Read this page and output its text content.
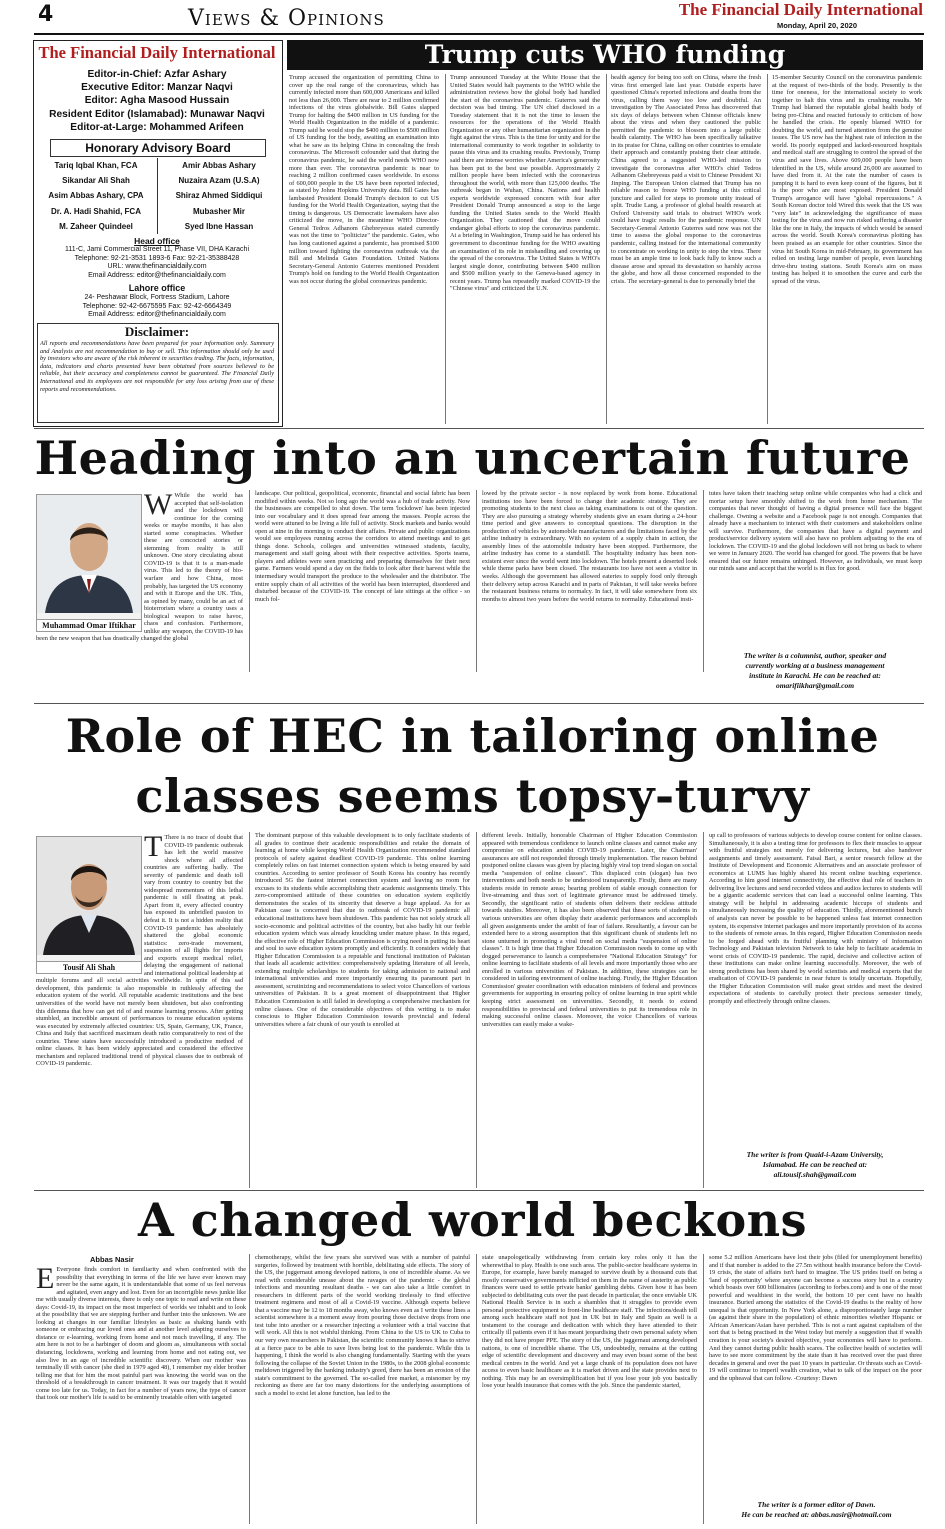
4	Views & Opinions	The Financial Daily International
Monday, April 20, 2020
The Financial Daily International
Editor-in-Chief: Azfar Ashary
Executive Editor: Manzar Naqvi
Editor: Agha Masood Hussain
Resident Editor (Islamabad): Munawar Naqvi
Editor-at-Large: Mohammed Arifeen
Honorary Advisory Board
Tariq Iqbal Khan, FCA
Sikandar Ali Shah
Asim Abbas Ashary, CPA
Dr. A. Hadi Shahid, FCA
M. Zaheer Quindeel
Amir Abbas Ashary
Nuzaira Azam (U.S.A)
Shiraz Ahmed Siddiqui
Mubasher Mir
Syed Ibne Hassan
Head office
111-C, Jami Commercial Street 11, Phase VII, DHA Karachi
Telephone: 92-21-3531 1893-6 Fax: 92-21-35388428
URL: www.thefinancialdaily.com
Email Address: editor@thefinancialdaily.com
Lahore office
24- Peshawar Block, Fortress Stadium, Lahore
Telephone: 92-42-6675595 Fax: 92-42-6664349
Email Address: editor@thefinancialdaily.com
Disclaimer:
All reports and recommendations have been prepared for your information only. Summary and Analysis are not recommendation to buy or sell. This information should only be used by investors who are aware of the risk inherent in securities trading. The facts, information, data, indicators and charts presented have been obtained from sources believed to be reliable, but their accuracy and completeness cannot be guaranteed. The Financial Daily International and its employees are not responsible for any loss arising from use of these reports and recommendations.
Trump cuts WHO funding
Trump accused the organization of permitting China to cover up the real range of the coronavirus, which has currently infected more than 600,000 Americans and killed not less than 26,000. There are near to 2 million confirmed infections of the virus globalwide. Bill Gates slapped Trump for halting the $400 million in US funding for the World Health Organization in the middle of a pandemic. Trump said he would stop the $400 million to $500 million of US funding for the body, awaiting an examination into what he saw as its helping China in concealing the fresh coronavirus. The Microsoft cofounder said that during the coronavirus pandemic, he said the world needs WHO now more than ever. The coronavirus pandemic is near to reaching 2 million confirmed cases worldwide. In excess of 600,000 people in the US have been reported infected, as stated by Johns Hopkins University data. Bill Gates has lambasted President Donald Trump's decision to cut US funding for the World Health Organization, saying that the timing is dangerous. US Democratic lawmakers have also criticized the move, in the meantime WHO Director-General Tedros Adhanom Ghebreyesus stated currently was not the time to "politicize" the pandemic. Gates, who has long cautioned against a pandemic, has promised $100 million toward fighting the coronavirus outbreak via the Bill and Melinda Gates Foundation. United Nations Secretary-General Antonio Guterres mentioned President Trump's hold on funding to the World Health Organization was not occur during the global coronavirus pandemic.
Trump announced Tuesday at the White House that the United States would halt payments to the WHO while the administration reviews how the global body had handled the start of the coronavirus pandemic. Guterres said the decision was bad timing. The UN chief disclosed in a Tuesday statement that it is not the time to lessen the resources for the operations of the World Health Organization or any other humanitarian organization in the fight against the virus. This is the time for unity and for the international community to work together in solidarity to pause this virus and its crushing results. Previously, Trump said there are intense worries whether America's generosity has been put to the best use possible. Approximately 2 million people have been infected with the coronavirus throughout the world, with more than 125,000 deaths. The outbreak began in Wuhan, China. Nations and health experts worldwide expressed concern with fear after President Donald Trump announced a stop to the large funding the United States sends to the World Health Organization. They cautioned that the move could endanger global efforts to stop the coronavirus pandemic. At a briefing in Washington, Trump said he has ordered his government to discontinue funding for the WHO awaiting an examination of its role in mishandling and covering up the spread of the coronavirus. The United States is WHO's largest single donor, contributing between $400 million and $500 million yearly to the Geneva-based agency in recent years. Trump has repeatedly marked COVID-19 the "Chinese virus" and criticized the U.N.
health agency for being too soft on China, where the fresh virus first emerged late last year. Outside experts have questioned China's reported infections and deaths from the virus, calling them way too low and doubtful. An investigation by The Associated Press has discovered that six days of delays between when Chinese officials knew about the virus and when they cautioned the public permitted the pandemic to blossom into a large public health calamity. The WHO has been specifically talkative in its praise for China, calling on other countries to emulate their approach and constantly praising their clear attitude. China agreed to a suggested WHO-led mission to investigate the coronavirus after WHO's chief Tedros Adhanom Ghebreyesus paid a visit to Chinese President Xi Jinping. The European Union claimed that Trump has no reliable reason to freeze WHO funding at this critical juncture and called for steps to promote unity instead of split. Trudie Lang, a professor of global health research at Oxford University said trials to obstruct WHO's work could have tragic results for the pandemic response. UN Secretary-General Antonio Guterres said now was not the time to assess the global response to the coronavirus pandemic, calling instead for the international community to concentrate on working in unity to stop the virus. There must be an ample time to look back fully to know such a disease arose and spread its devastation so harshly across the globe, and how all those concerned responded to the crisis. The secretary-general is due to personally brief the
15-member Security Council on the coronavirus pandemic at the request of two-thirds of the body. Presently is the time for oneness, for the international society to work together to halt this virus and its crushing results. Mr Trump had blamed the reputable global health body of being pro-China and reacted furiously to criticism of how he handled the crisis. He openly blamed WHO for doubting the world, and turned attention from the genuine issues. The US now has the highest rate of infection in the world. Its poorly equipped and lacked-resourced hospitals and medical staff are struggling to control the spread of the virus and save lives. Above 609,000 people have been identified in the US, while around 26,000 are assumed to have died from it. At the rate the number of cases is jumping it is hard to even keep count of the figures, but it is the poor who are most exposed. President Donald Trump's arrogance will have "global repercussions." A South Korean doctor told Wired this week that the US was "very late" in acknowledging the significance of mass testing for the virus and now run risked suffering a disaster like the one in Italy, the impacts of which would be sensed across the world. South Korea's coronavirus plotting has been praised as an example for other countries. Since the virus hit South Korea in mid-February, its government has relied on testing large number of people, even launching drive-thru testing stations. South Korea's aim on mass testing has helped it to smoothen the curve and curb the spread of the virus.
Heading into an uncertain future
Muhammad Omar Iftikhar
W While the world has accepted that self-isolation and the lockdown will continue for the coming weeks or maybe months, it has also started some conspiracies. Whether these are concocted stories or stemming from reality is still unknown. One story circulating about COVID-19 is that it is a man-made virus. This led to the theory of bio-warfare and how China, most probably, has targeted the US economy and with it Europe and the UK. This, as opined by many, could be an act of bioterrorism where a country uses a biological weapon to raise havoc, chaos and confusion. Furthermore, unlike any weapon, the COVID-19 has been the new weapon that has drastically changed the global
landscape. Our political, geopolitical, economic, financial and social fabric has been modified within weeks. Not so long ago the world was a hub of trade activity. Now the businesses are compelled to shut down. The term 'lockdown' has been injected into our vocabulary and it does spread fear among the masses. People across the world were attuned to be living a life full of activity. Stock markets and banks would open at nine in the morning to conduct their affairs. Private and public organizations would see employees running across the corridors to attend meetings and to get things done. Schools, colleges and universities witnessed students, faculty, management and staff going about with their respective activities. Sports teams, players and athletes were seen practicing and preparing themselves for their next game. Farmers would spend a day on the fields to look after their harvest while the intermediary would transport the produce to the wholesaler and the distributor. The entire supply chain of all activities of the world has been interrupted, disordered and disturbed because of the COVID-19. The concept of late sittings at the office - so much fol-
lowed by the private sector - is now replaced by work from home. Educational institutions too have been forced to change their academic strategy. They are promoting students to the next class as taking examinations is out of the question. They are also pursuing a strategy whereby students give an exam during a 24-hour time period and give answers to conceptual questions. The disruption in the production of vehicles by automobile manufacturers and the limitations faced by the airline industry is extraordinary. With no system of a supply chain in action, the assembly lines of the automobile industry have been stopped. Furthermore, the airline industry has come to a standstill. The hospitality industry has been non-existent ever since the world went into lockdown. The hotels present a deserted look while theme parks have been closed. The restaurants too have not seen a visitor in weeks. Although the government has allowed eateries to supply food only through their delivery setup across Karachi and in parts of Pakistan, it will take weeks before the restaurant business returns to normalcy. In fact, it will take somewhere from six months to almost two years before the world returns to normality. Educational insti-
tutes have taken their teaching setup online while companies who had a click and mortar setup have smoothly shifted to the work from home mechanism. The companies that never thought of having a digital presence will face the biggest challenge. Owning a website and a Facebook page is not enough. Companies that already have a mechanism to interact with their customers and stakeholders online will survive. Furthermore, the companies that have a digital payment and product/service delivery system will also have no problem adjusting to the era of lockdown. The COVID-19 and the global lockdown will not bring us back to where we were in January 2020. The world has changed for good. The powers that be have ensured that our future remains unhinged. However, as individuals, we must keep our minds sane and accept that the world is in flux for good.
The writer is a columnist, author, speaker and
currently working at a business management
institute in Karachi. He can be reached at:
omarifiikhar@gmail.com
Role of HEC in tailoring online
classes seems topsy-turvy
Tousif Ali Shah
T There is no trace of doubt that COVID-19 pandemic outbreak has left the world massive shock where all affected countries are suffering badly. The severity of pandemic and death toll vary from country to country but the widespread momentum of this lethal pandemic is still floating at peak. Apart from it, every affected country has exposed its unbridled passion to defeat it. It is not a hidden reality that COVID-19 pandemic has absolutely shattered the global economic statistics: zero-trade movement, suspension of all flights for imports and exports except medical relief, delaying the engagement of national and international political leadership at multiple forums and all social activities worldwide. In spite of this sad development, this pandemic is also responsible in ruthlessly affecting the education system of the world. All reputable academic institutions and the best universities of the world have not merely been shutdown, but also confronting this dilemma that how can get rid of and resume learning process. After getting stumbled, an incredible amount of performances to resume education systems was executed by extremely affected countries: US, Spain, Germany, UK, France, China and Italy that sacrificed maximum death ratio comparatively to rest of the countries. These states have successfully introduced a productive method of online classes. It has been widely appreciated and considered the effective mechanism and replaced traditional trend of physical classes due to outbreak of COVID-19 pandemic.
The dominant purpose of this valuable development is to only facilitate students of all grades to continue their academic responsibilities and retake the domain of learning at home while keeping World Health Organization recommended standard protocols of safety against deadliest COVID-19 pandemic. This online learning completely relies on fast internet connection system which is being ensured by said countries. According to senior professor of South Korea his country has recently introduced 5G the fastest internet connection system and leaving no room for excuses to its students while accomplishing their academic assignments timely. This zero-compromised attitude of these countries on education system explicitly demonstrates the scales of its sincerity that deserve a huge applaud. As for as Pakistan case is concerned that due to outbreak of COVID-19 pandemic all educational institutions have been shutdown. This pandemic has not solely struck all socio-economic and political activities of the country, but also badly hit our feeble education system which was already knuckling under mature phase. In this regard, the effective role of Higher Education Commission is crying need in putting its heart and soul to save education system promptly and efficiently. It considers widely that Higher Education Commission is a reputable and functional institution of Pakistan that leads all academic activities: comprehensively updating literature of all levels, extending multiple scholarships to students for taking admission to national and international universities and more importantly ensuring its paramount part in assessment, scrutinizing and recommendations to select voice Chancellors of various universities of Pakistan. It is a great moment of disappointment that Higher Education Commission is still failed in developing a comprehensive mechanism for online classes. One of the considerable objectives of this writing is to make conscious to Higher Education Commission towards provincial and federal universities where a fair chunk of our youth is enrolled at
different levels. Initially, honorable Chairman of Higher Education Commission appeared with tremendous confidence to launch online classes and cannot make any compromise on education amidst COVID-19 pandemic. Later, the Chairman' assurances are still not responded through timely implementation. The reason behind postponed online classes was given by placing highly viral top trend slogan on social media "suspension of online classes". This displaced coin (slogan) has two interventions and both needs to be understood transparently. Firstly, there are many students reside in remote areas; bearing problem of stable enough connection for live-streaming and thus sort of legitimate grievance must be addressed timely. Secondly, the significant ratio of students often delivers their reckless attitude towards studies. Moreover, it has also been observed that these sorts of students in various universities are often display their academic performances and accomplish all given assignments under the ambit of fear of failure. Resultantly, a favour can be extended here to a strong assumption that this significant chunk of students left no stone unturned in promoting a viral trend on social media "suspension of online classes". It is high time that Higher Education Commission needs to come up with dogged perseverance to launch a comprehensive "National Education Strategy" for online learning to facilitate students of all levels and more importantly those who are enrolled in various universities of Pakistan. In addition, these strategies can be considered in tailoring environment of online teaching. Firstly, the Higher Education Commission' greater coordination with education ministers of federal and provinces governments for supporting in ensuring policy of online learning in true spirit while keeping strict assessment on universities. Secondly, it needs to extend responsibilities to provincial and federal universities to put its tremendous role in making successful online classes. Moreover, the voice Chancellors of various universities can easily make a wake-
up call to professors of various subjects to develop course content for online classes. Simultaneously, it is also a testing time for professors to flex their muscles to appear with fruitful strategies not merely for delivering lectures, but also handover assignments and timely assessment. Faisal Bari, a senior research fellow at the Institute of Development and Economic Alternatives and an associate professor of economics at LUMS has highly shared his recent online teaching experience. According to him good internet connectivity, the effective dual role of teachers in delivering live lectures and send recorded videos and audios lectures to students will be a gigantic academic services that can lead a successful online learning. This strategy will be helpful in addressing academic hiccups of students and simultaneously increasing the quality of education. Thirdly, aforementioned bunch of analysis can never be possible to be happened unless fast internet connection system, its expensive internet packages and more importantly provision of its access to the students of remote areas. In this regard, Higher Education Commission needs to be forged ahead with its fruitful planning with ministry of Information Technology and Pakistan television Network to take help to facilitate academia in worst crisis of COVID-19 pandemic. The rapid, decisive and collective action of these institutions can make online learning successfully. Moreover, the web of strong predictions has been shared by world scientists and medical experts that the eradication of COVID-19 pandemic in near future is totally uncertain. Hopefully, the Higher Education Commission will make great strides and meet the desired expectations of students to carefully protect their precious semester timely, promptly and effectively through online classes.
The writer is from Quaid-i-Azam University,
Islamabad. He can be reached at:
ali.tousif.shah@gmail.com
A changed world beckons
Abbas Nasir
E Everyone finds comfort in familiarity and when confronted with the possibility that everything in terms of the life we have ever known may never be the same again, it is understandable that some of us feel nervous and agitated, even angry and lost. Even for an incorrigible news junkie like me with usually diverse interests, there is only one topic to read and write on these days: Covid-19, its impact on the most imperfect of worlds we inhabit and to look at the possibility that we are stepping further and further into the unknown. We are looking at changes in our familiar lifestyles as basic as shaking hands with someone or embracing our loved ones and at another level adapting ourselves to distance or e-learning, working from home and not much travelling, if any. The aim here is not to be a harbinger of doom and gloom as, simultaneous with social distancing, lockdowns, working and learning from home and not eating out, we also live in an age of incredible scientific discovery. When our mother was terminally ill with cancer (she died in 1979 aged 48), I remember my elder brother telling me that for him the most painful part was knowing the world was on the threshold of a breakthrough in cancer treatment. It was our tragedy that it would come too late for us. Today, in fact for a number of years now, the type of cancer that took our mother's life is said to be eminently treatable often with targeted
chemotherapy, whilst the few years she survived was with a number of painful surgeries, followed by treatment with horrible, debilitating side effects. The story of the US, the juggernaut among developed nations, is one of incredible shame. As we read with considerable unease about the ravages of the pandemic - the global infections and mounting resultant deaths - we can also take a little comfort in researchers in different parts of the world working tirelessly to find effective treatment regimens and most of all a Covid-19 vaccine. Although experts believe that a vaccine may be 12 to 18 months away, who knows even as I write these lines a scientist somewhere is a moment away from pouring those decisive drops from one test tube into another or a researcher injecting a volunteer with a trial vaccine that will work. All this is not wishful thinking. From China to the US to UK to Cuba to our very own researchers in Pakistan, the scientific community knows it has to strive at a fierce pace to be able to save lives being lost to the pandemic. While this is happening, I think the world is also changing fundamentally. Starting with the years following the collapse of the Soviet Union in the 1980s, to the 2008 global economic meltdown triggered by the banking industry's greed, there has been an erosion of the state's commitment to the governed. The so-called free market, a misnomer by my reckoning as there are far too many distortions for the underlying assumptions of such a model to exist let alone function, has led to the
state unapologetically withdrawing from certain key roles only it has the wherewithal to play. Health is one such area. The public-sector healthcare systems in Europe, for example, have barely managed to survive death by a thousand cuts that mostly conservative governments inflicted on them in the name of austerity as public finances were used to settle private banks' gambling debts. Given how it has been subjected to debilitating cuts over the past decade in particular, the once enviable UK National Health Service is in such a shambles that it struggles to provide even personal protective equipment to front-line healthcare staff. The infections/death toll among such healthcare staff not just in UK but in Italy and Spain as well is a testament to the courage and dedication with which they have attended to their critically ill patients even if it has meant jeopardising their own personal safety when they did not have proper PPE. The story of the US, the juggernaut among developed nations, is one of incredible shame. The US, undoubtedly, remains at the cutting edge of scientific development and discovery and may even boast some of the best medical centres in the world. And yet a large chunk of its population does not have access to even basic healthcare as it is market driven and the state provides next to nothing. This may be an oversimplification but if you lose your job you basically lose your health insurance that comes with the job. Since the pandemic started,
some 5.2 million Americans have lost their jobs (filed for unemployment benefits) and if that number is added to the 27.5m without health insurance before the Covid-19 crisis, the state of affairs isn't hard to imagine. The US prides itself on being a 'land of opportunity' where anyone can become a success story but in a country which boasts over 600 billionaires (according to forbes.com) and is one of the most powerful and wealthiest in the world, the bottom 10 per cent have no health insurance. Buried among the statistics of the Covid-19 deaths is the reality of how unequal is that opportunity. In New York alone, a disproportionately large number (as against their share in the population) of ethnic minorities whether Hispanic or African American/Asian have perished. This is not a rant against capitalism of the sort that is being practised in the West today but merely a suggestion that if wealth creation is your society's desired objective, your economies will have to perform. And they cannot during public health scares. The collective health of societies will have to see more commitment by the state than it has received over the past three decades in general and over the past 10 years in particular. Or threats such as Covid-19 will continue to imperil wealth creation, what to talk of the impact on the poor and the upheaval that can follow. -Courtesy: Dawn
The writer is a former editor of Dawn.
He can be reached at: abbas.nasir@hotmail.com
